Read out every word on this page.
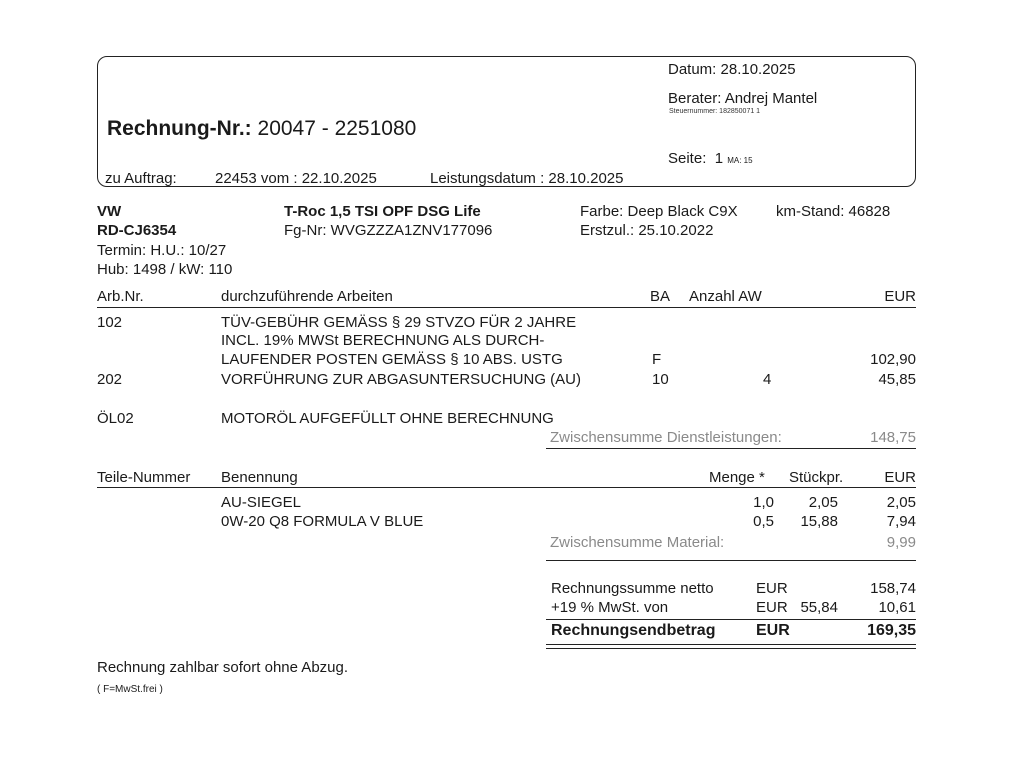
Rechnung-Nr.: 20047 - 2251080
Datum: 28.10.2025
Berater: Andrej Mantel
Steuernummer: 182850071 1
Seite: 1 MA: 15
zu Auftrag:	22453 vom : 22.10.2025	Leistungsdatum : 28.10.2025
VW
RD-CJ6354
Termin: H.U.: 10/27
Hub: 1498 / kW: 110
T-Roc 1,5 TSI OPF DSG Life
Fg-Nr: WVGZZZA1ZNV177096
Farbe: Deep Black C9X
Erstzul.: 25.10.2022
km-Stand: 46828
Arb.Nr.	durchzuführende Arbeiten	BA Anzahl AW	EUR
102	TÜV-GEBÜHR GEMÄSS § 29 STVZO FÜR 2 JAHRE
INCL. 19% MWSt BERECHNUNG ALS DURCH-
LAUFENDER POSTEN GEMÄSS § 10 ABS. USTG	F	102,90
202	VORFÜHRUNG ZUR ABGASUNTERSUCHUNG (AU)	10	4	45,85
ÖL02	MOTORÖL AUFGEFÜLLT OHNE BERECHNUNG
Zwischensumme Dienstleistungen:	148,75
Teile-Nummer Benennung	Menge * Stückpr.	EUR
AU-SIEGEL	1,0	2,05	2,05
0W-20 Q8 FORMULA V BLUE	0,5	15,88	7,94
Zwischensumme Material:	9,99
Rechnungssumme netto	EUR	158,74
+19 % MwSt. von	EUR 55,84	10,61
Rechnungsendbetrag	EUR	169,35
Rechnung zahlbar sofort ohne Abzug.
( F=MwSt.frei )
